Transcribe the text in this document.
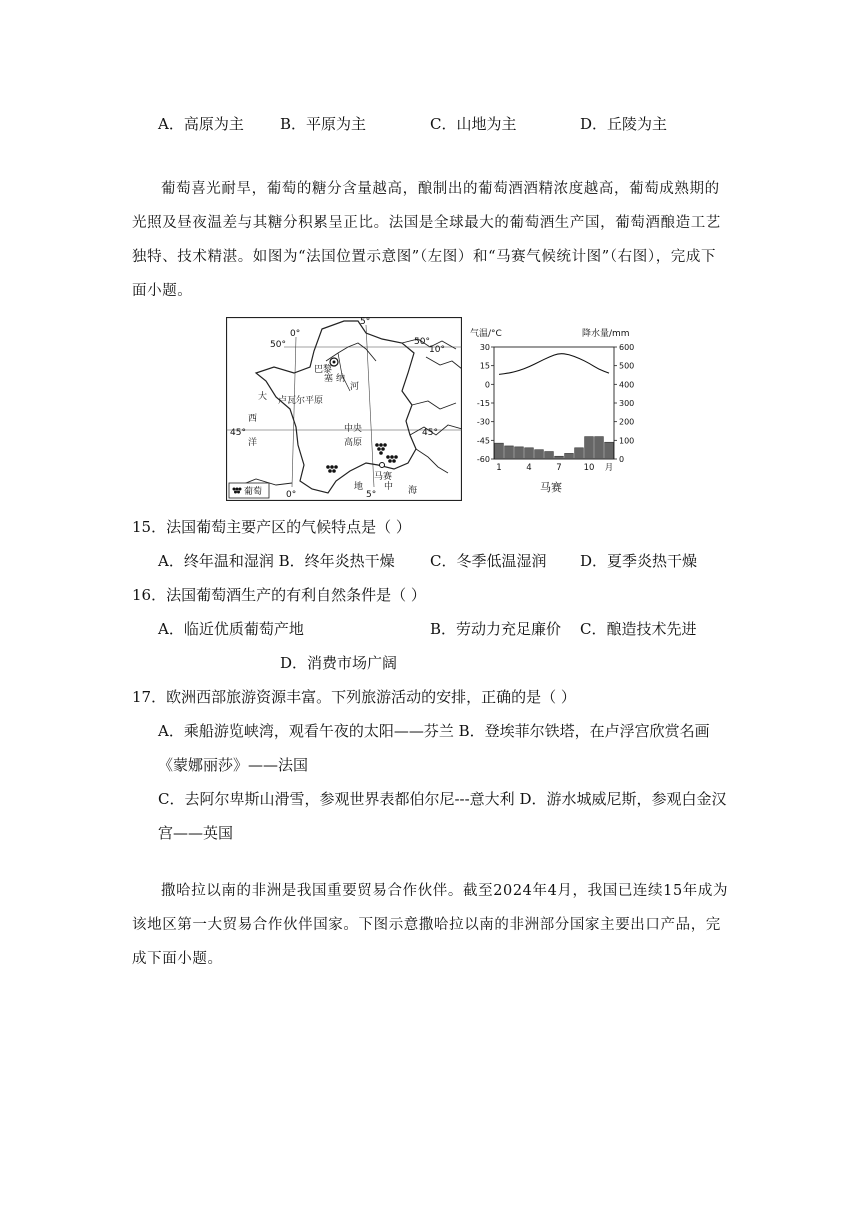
A．高原为主 B．平原为主	C．山地为主	D．丘陵为主
葡萄喜光耐旱，葡萄的糖分含量越高，酿制出的葡萄酒酒精浓度越高，葡萄成熟期的光照及昼夜温差与其糖分积累呈正比。法国是全球最大的葡萄酒生产国，葡萄酒酿造工艺独特、技术精湛。如图为“法国位置示意图”（左图）和“马赛气候统计图”（右图），完成下面小题。
0°
5°
50°	50°
10°
巴黎
塞 纳
河
大
西
洋
卢瓦尔平原
45°	45°
中央
高原
马赛
地 中 海
0°	5°
葡萄
气温/°C	降水量/mm
30
15
0
-15
-30
-45
-60
600
500
400
300
200
100
0
1	4	7	10 月
马赛
15．法国葡萄主要产区的气候特点是（ ）
A．终年温和湿润 B．终年炎热干燥 C．冬季低温湿润 D．夏季炎热干燥
16．法国葡萄酒生产的有利自然条件是（ ）
A．临近优质葡萄产地	B．劳动力充足廉价 C．酿造技术先进
D．消费市场广阔
17．欧洲西部旅游资源丰富。下列旅游活动的安排，正确的是（ ）
A．乘船游览峡湾，观看午夜的太阳——芬兰 B．登埃菲尔铁塔，在卢浮宫欣赏名画
《蒙娜丽莎》——法国
C．去阿尔卑斯山滑雪，参观世界表都伯尔尼---意大利 D．游水城威尼斯，参观白金汉
宫——英国
撒哈拉以南的非洲是我国重要贸易合作伙伴。截至2024年4月，我国已连续15年成为该地区第一大贸易合作伙伴国家。下图示意撒哈拉以南的非洲部分国家主要出口产品，完成下面小题。
